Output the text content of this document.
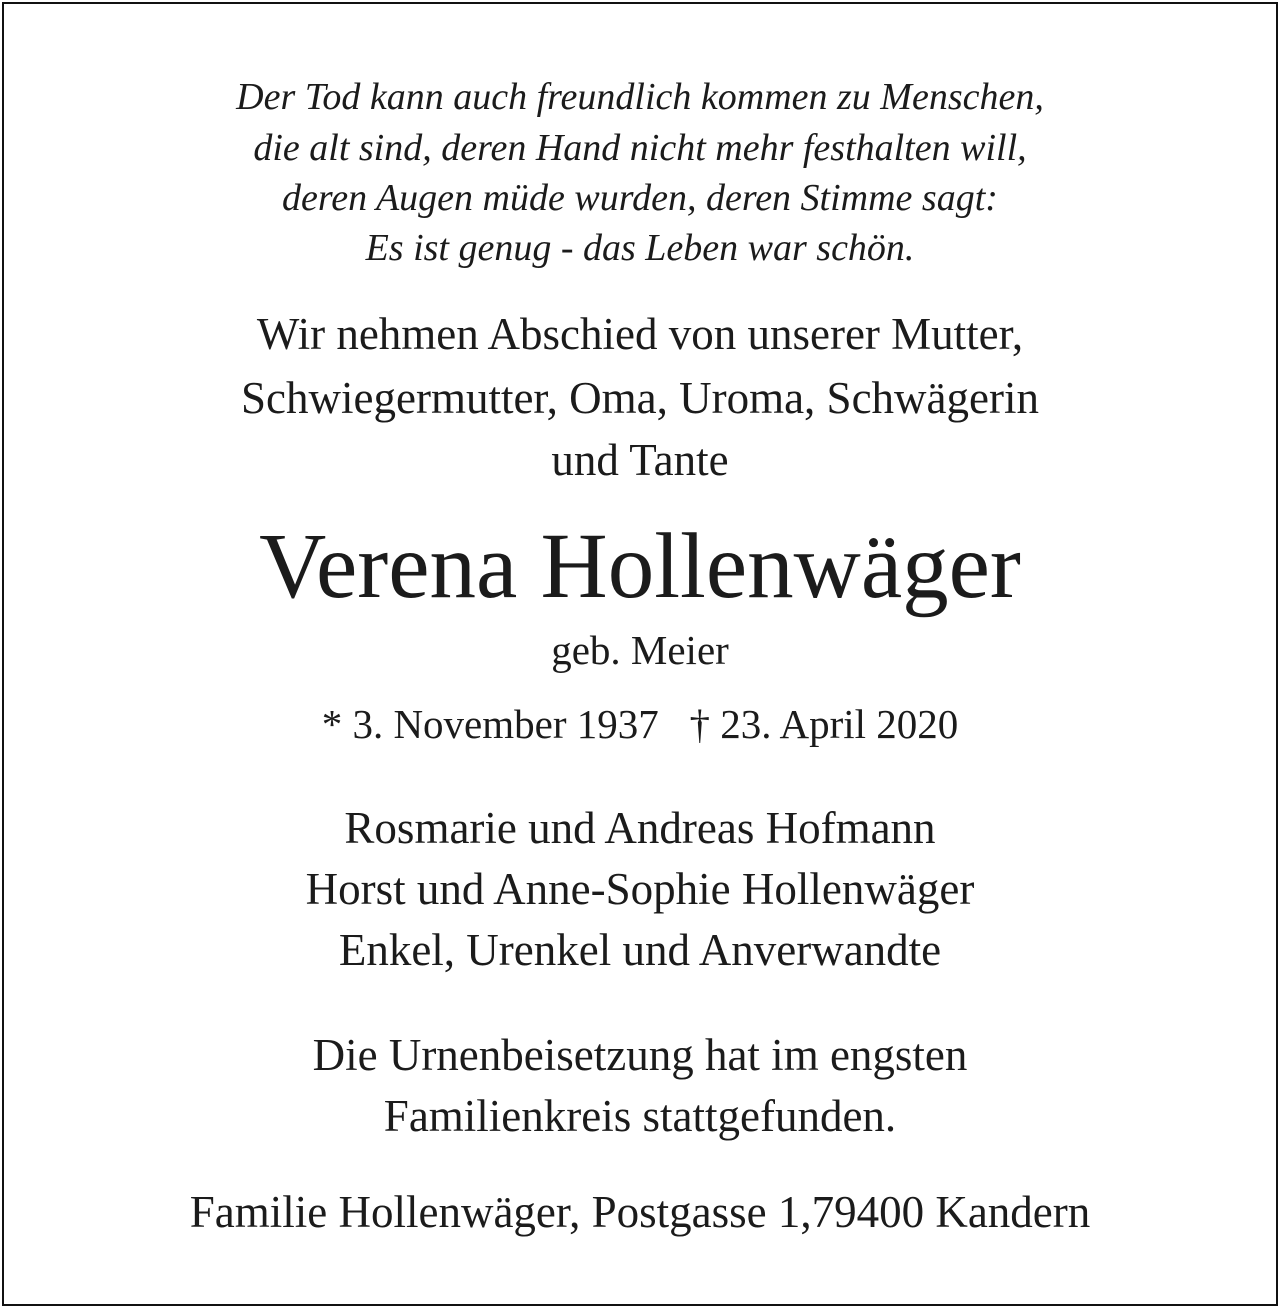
Der Tod kann auch freundlich kommen zu Menschen,
die alt sind, deren Hand nicht mehr festhalten will,
deren Augen müde wurden, deren Stimme sagt:
Es ist genug - das Leben war schön.
Wir nehmen Abschied von unserer Mutter,
Schwiegermutter, Oma, Uroma, Schwägerin
und Tante
Verena Hollenwäger
geb. Meier
* 3. November 1937   † 23. April 2020
Rosmarie und Andreas Hofmann
Horst und Anne-Sophie Hollenwäger
Enkel, Urenkel und Anverwandte
Die Urnenbeisetzung hat im engsten
Familienkreis stattgefunden.
Familie Hollenwäger, Postgasse 1,79400 Kandern
